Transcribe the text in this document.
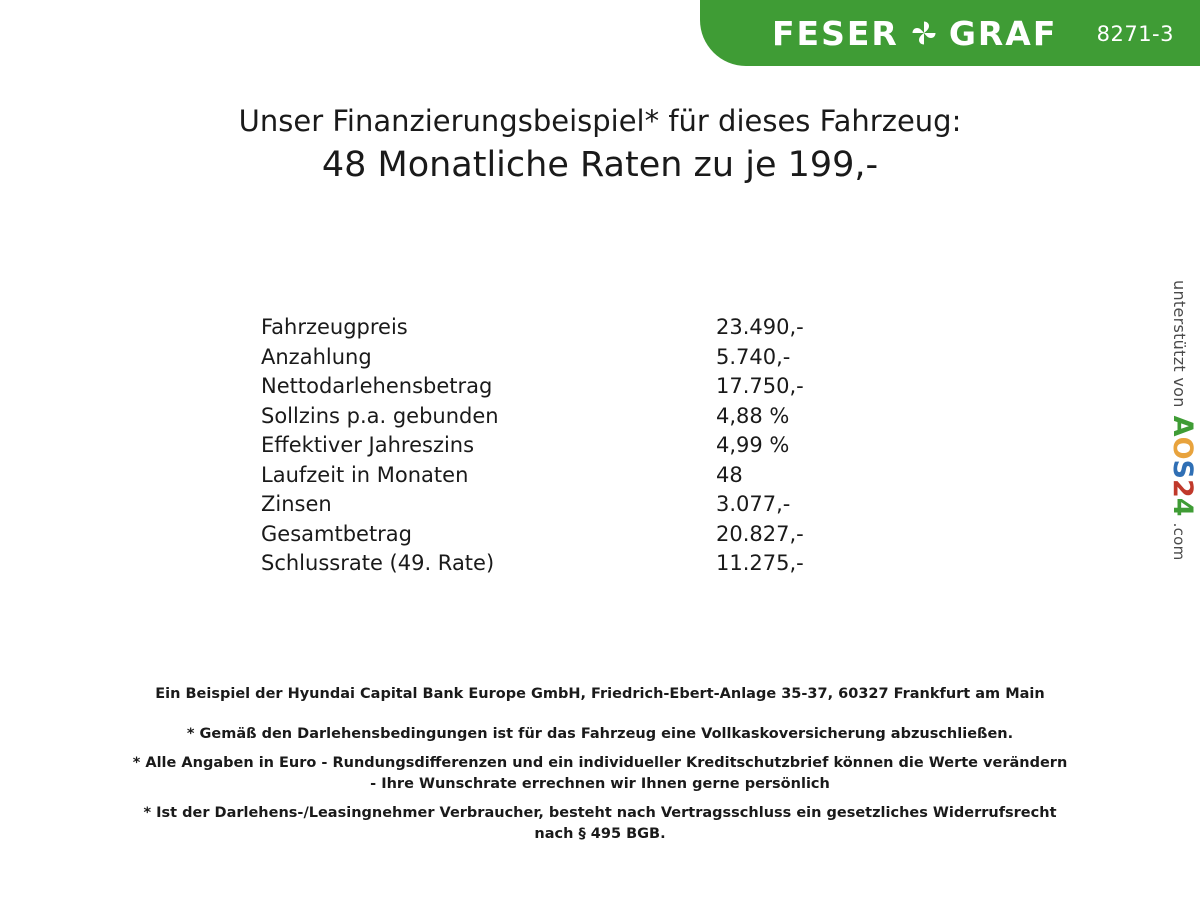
FESER GRAF 8271-3
Unser Finanzierungsbeispiel* für dieses Fahrzeug:
48 Monatliche Raten zu je 199,-
Fahrzeugpreis	23.490,-
Anzahlung	5.740,-
Nettodarlehensbetrag	17.750,-
Sollzins p.a. gebunden	4,88 %
Effektiver Jahreszins	4,99 %
Laufzeit in Monaten	48
Zinsen	3.077,-
Gesamtbetrag	20.827,-
Schlussrate (49. Rate)	11.275,-
Ein Beispiel der Hyundai Capital Bank Europe GmbH, Friedrich-Ebert-Anlage 35-37, 60327 Frankfurt am Main
* Gemäß den Darlehensbedingungen ist für das Fahrzeug eine Vollkaskoversicherung abzuschließen.
* Alle Angaben in Euro - Rundungsdifferenzen und ein individueller Kreditschutzbrief können die Werte verändern
- Ihre Wunschrate errechnen wir Ihnen gerne persönlich
* Ist der Darlehens-/Leasingnehmer Verbraucher, besteht nach Vertragsschluss ein gesetzliches Widerrufsrecht
nach § 495 BGB.
unterstützt von
AOS24
.com
